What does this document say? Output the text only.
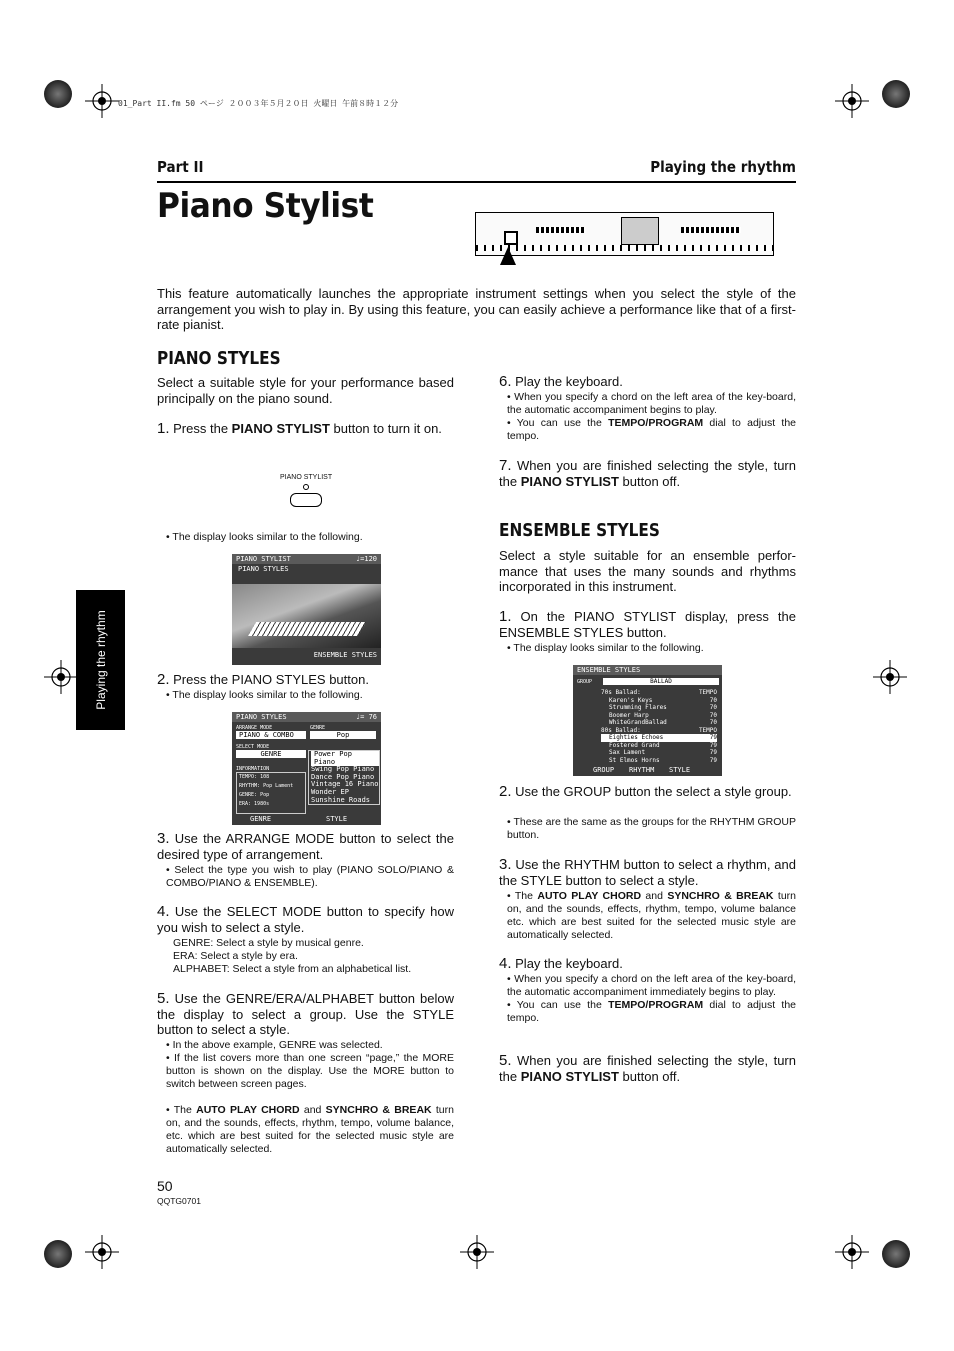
01_Part II.fm 50 ページ ２００３年５月２０日 火曜日 午前８時１２分
Part II	Playing the rhythm
Piano Stylist
This feature automatically launches the appropriate instrument settings when you select the style of the arrangement you wish to play in. By using this feature, you can easily achieve a performance like that of a first-rate pianist.
Playing the rhythm
PIANO STYLES
Select a suitable style for your performance based principally on the piano sound.
1. Press the PIANO STYLIST button to turn it on.
PIANO STYLIST
• The display looks similar to the following.
PIANO STYLIST	♩=120
PIANO STYLES
ENSEMBLE STYLES
2. Press the PIANO STYLES button.
• The display looks similar to the following.
PIANO STYLES	♩= 76
ARRANGE MODE
PIANO & COMBO
GENRE
Pop
SELECT MODE
GENRE
INFORMATION
TEMPO: 108
RHYTHM: Pop Lament
GENRE: Pop
ERA: 1980s
Power Pop Piano
Swing Pop Piano
Dance Pop Piano
Vintage 16 Piano
Wonder EP
Sunshine Roads
GENRE	STYLE
3. Use the ARRANGE MODE button to select the desired type of arrangement.
• Select the type you wish to play (PIANO SOLO/PIANO & COMBO/PIANO & ENSEMBLE).
4. Use the SELECT MODE button to specify how you wish to select a style.
GENRE: Select a style by musical genre.
ERA: Select a style by era.
ALPHABET: Select a style from an alphabetical list.
5. Use the GENRE/ERA/ALPHABET button below the display to select a group. Use the STYLE button to select a style.
• In the above example, GENRE was selected.
• If the list covers more than one screen “page,” the MORE button is shown on the display. Use the MORE button to switch between screen pages.
• The AUTO PLAY CHORD and SYNCHRO & BREAK turn on, and the sounds, effects, rhythm, tempo, volume balance, etc. which are best suited for the selected music style are automatically selected.
6. Play the keyboard.
• When you specify a chord on the left area of the key-board, the automatic accompaniment begins to play.
• You can use the TEMPO/PROGRAM dial to adjust the tempo.
7. When you are finished selecting the style, turn the PIANO STYLIST button off.
ENSEMBLE STYLES
Select a style suitable for an ensemble perfor-mance that uses the many sounds and rhythms incorporated in this instrument.
1. On the PIANO STYLIST display, press the ENSEMBLE STYLES button.
• The display looks similar to the following.
ENSEMBLE STYLES
GROUP	BALLAD
70s Ballad:	TEMPO
Karen's Keys	70
Strumming Flares	70
Boomer Harp	70
WhiteGrandBallad	70
80s Ballad:	TEMPO
Eighties Echoes	79
Fostered Grand	79
Sax Lament	79
St Elmos Horns	79
GROUP RHYTHM STYLE
2. Use the GROUP button the select a style group.
• These are the same as the groups for the RHYTHM GROUP button.
3. Use the RHYTHM button to select a rhythm, and the STYLE button to select a style.
• The AUTO PLAY CHORD and SYNCHRO & BREAK turn on, and the sounds, effects, rhythm, tempo, volume balance etc. which are best suited for the selected music style are automatically selected.
4. Play the keyboard.
• When you specify a chord on the left area of the key-board, the automatic accompaniment immediately begins to play.
• You can use the TEMPO/PROGRAM dial to adjust the tempo.
5. When you are finished selecting the style, turn the PIANO STYLIST button off.
50
QQTG0701
